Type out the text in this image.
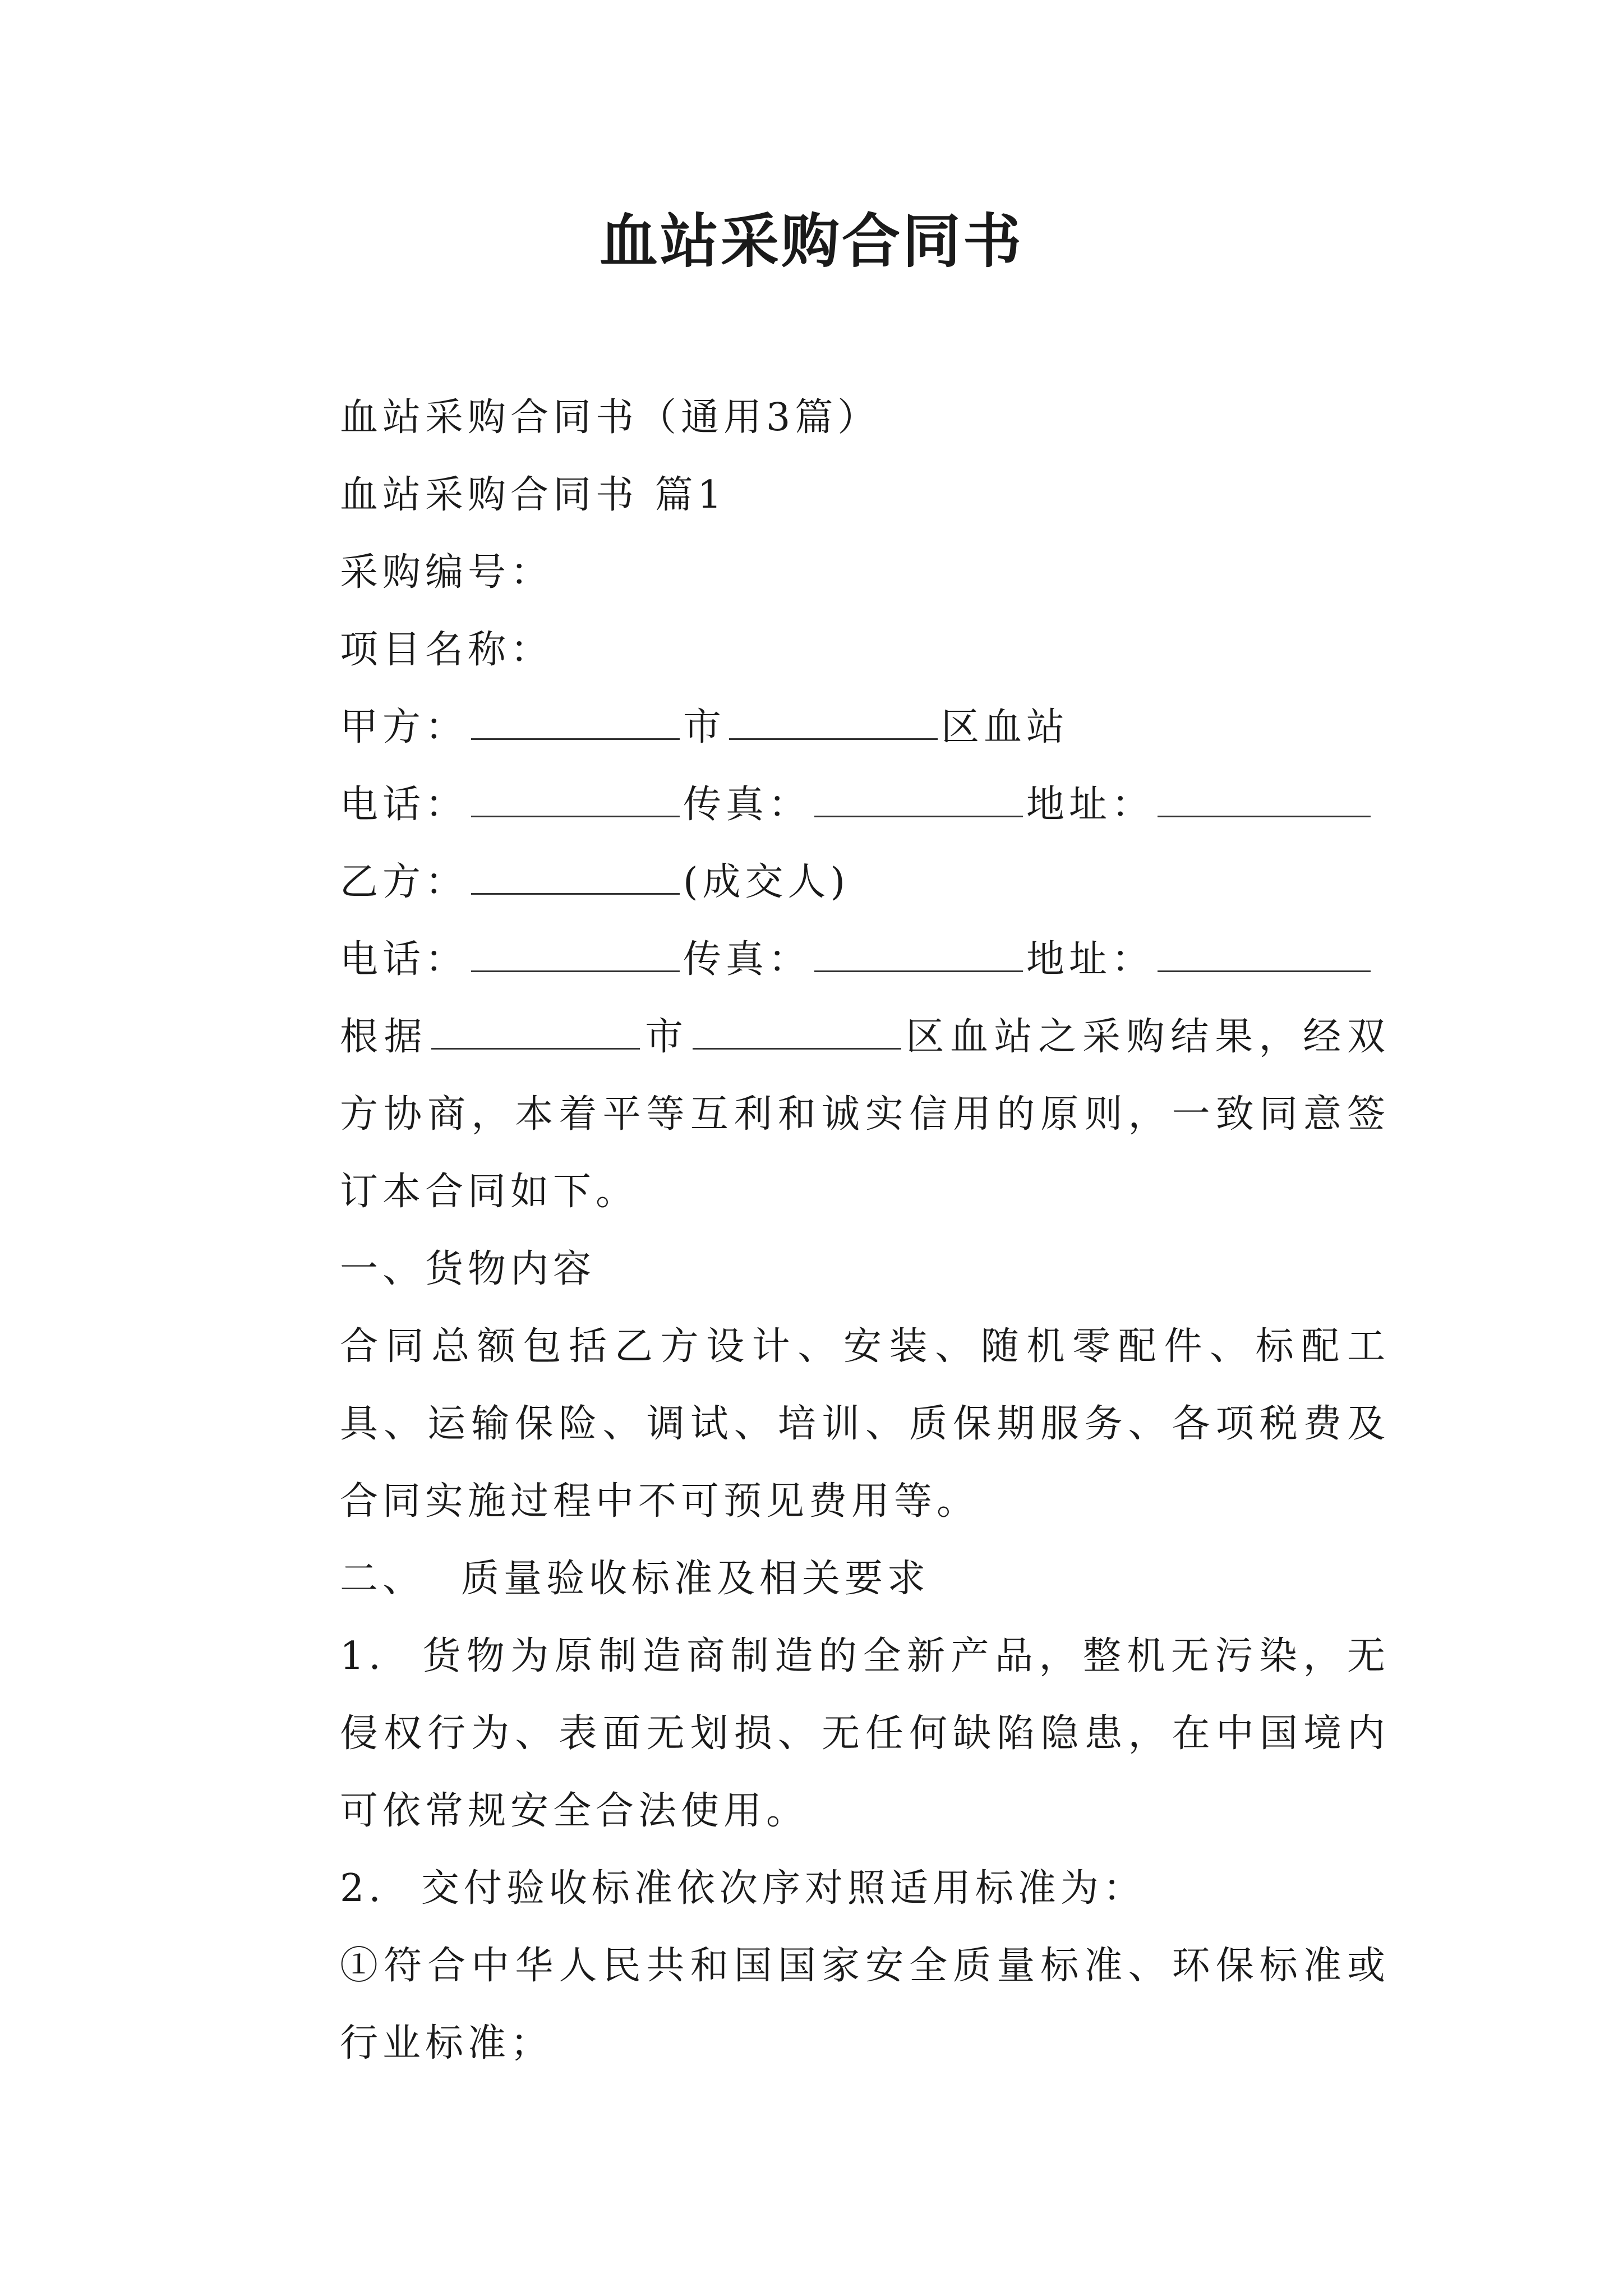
血站采购合同书
血站采购合同书（通用3篇）
血站采购合同书 篇1
采购编号：
项目名称：
甲方：	市	区血站
电话：	传真：	地址：
乙方：	(成交人)
电话：	传真：	地址：
根据	市	区血站之采购结果，经双方协商，本着平等互利和诚实信用的原则，一致同意签订本合同如下。
一、货物内容
合同总额包括乙方设计、安装、随机零配件、标配工具、运输保险、调试、培训、质保期服务、各项税费及合同实施过程中不可预见费用等。
二、 质量验收标准及相关要求
1. 货物为原制造商制造的全新产品，整机无污染，无侵权行为、表面无划损、无任何缺陷隐患，在中国境内可依常规安全合法使用。
2. 交付验收标准依次序对照适用标准为：
①符合中华人民共和国国家安全质量标准、环保标准或行业标准；
